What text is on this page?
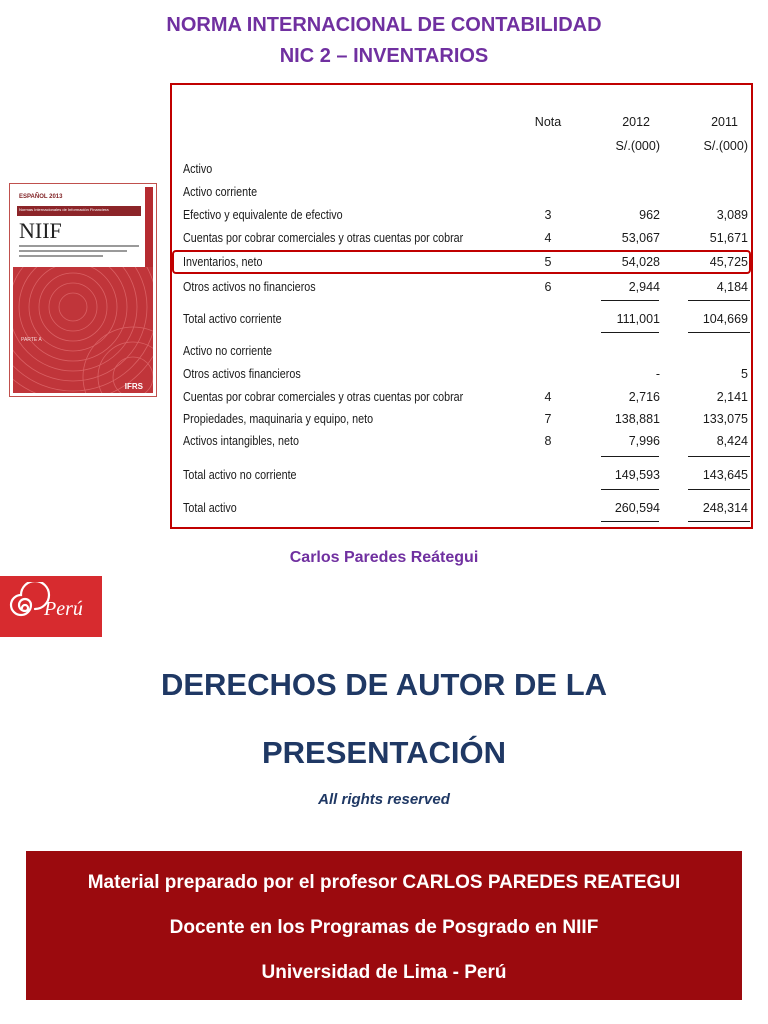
NORMA INTERNACIONAL DE CONTABILIDAD
NIC 2 – INVENTARIOS
ESPAÑOL 2013
Normas Internacionales de Información Financiera
NIIF
PARTE A
IFRS
Nota	2012	2011
S/.(000)	S/.(000)
Activo
Activo corriente
Efectivo y equivalente de efectivo	3	962	3,089
Cuentas por cobrar comerciales y otras cuentas por cobrar	4	53,067	51,671
Inventarios, neto	5	54,028	45,725
Otros activos no financieros	6	2,944	4,184
Total activo corriente	111,001	104,669
Activo no corriente
Otros activos financieros	-	5
Cuentas por cobrar comerciales y otras cuentas por cobrar	4	2,716	2,141
Propiedades, maquinaria y equipo, neto	7	138,881	133,075
Activos intangibles, neto	8	7,996	8,424
Total activo no corriente	149,593	143,645
Total activo	260,594	248,314
Carlos Paredes Reátegui
Perú
DERECHOS DE AUTOR DE LA
PRESENTACIÓN
All rights reserved
Material preparado por el profesor CARLOS PAREDES REATEGUI
Docente en los Programas de Posgrado en NIIF
Universidad de Lima - Perú
